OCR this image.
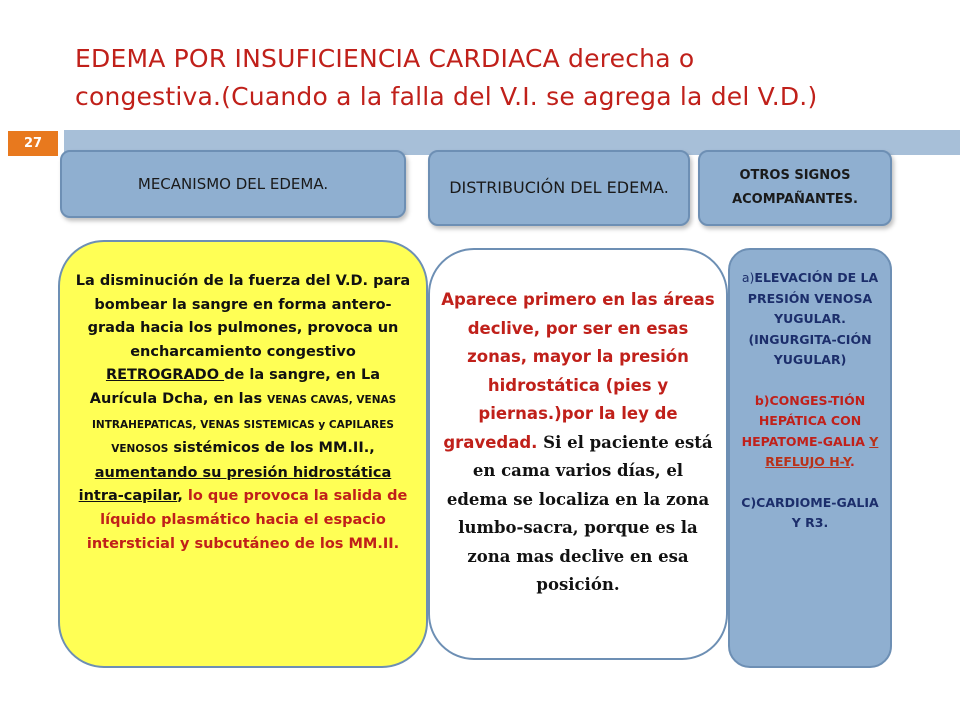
EDEMA POR INSUFICIENCIA CARDIACA derecha o
congestiva.(Cuando a la falla del V.I. se agrega la del V.D.)
27
MECANISMO DEL EDEMA.	DISTRIBUCIÓN DEL EDEMA.
OTROS SIGNOS ACOMPAÑANTES.
La disminución de la fuerza del V.D. para bombear la sangre en forma antero-grada hacia los pulmones, provoca un encharcamiento congestivo RETROGRADO de la sangre, en La Aurícula Dcha, en las VENAS CAVAS, VENAS INTRAHEPATICAS, VENAS SISTEMICAS y CAPILARES VENOSOS sistémicos de los MM.II., aumentando su presión hidrostática intra-capilar, lo que provoca la salida de líquido plasmático hacia el espacio intersticial y subcutáneo de los MM.II.
Aparece primero en las áreas declive, por ser en esas zonas, mayor la presión hidrostática (pies y piernas.)por la ley de gravedad. Si el paciente está en cama varios días, el edema se localiza en la zona lumbo-sacra, porque es la zona mas declive en esa posición.
a)ELEVACIÓN DE LA PRESIÓN VENOSA YUGULAR. (INGURGITA-CIÓN YUGULAR)
b)CONGES-TIÓN HEPÁTICA CON HEPATOME-GALIA Y REFLUJO H-Y.
C)CARDIOME-GALIA Y R3.
